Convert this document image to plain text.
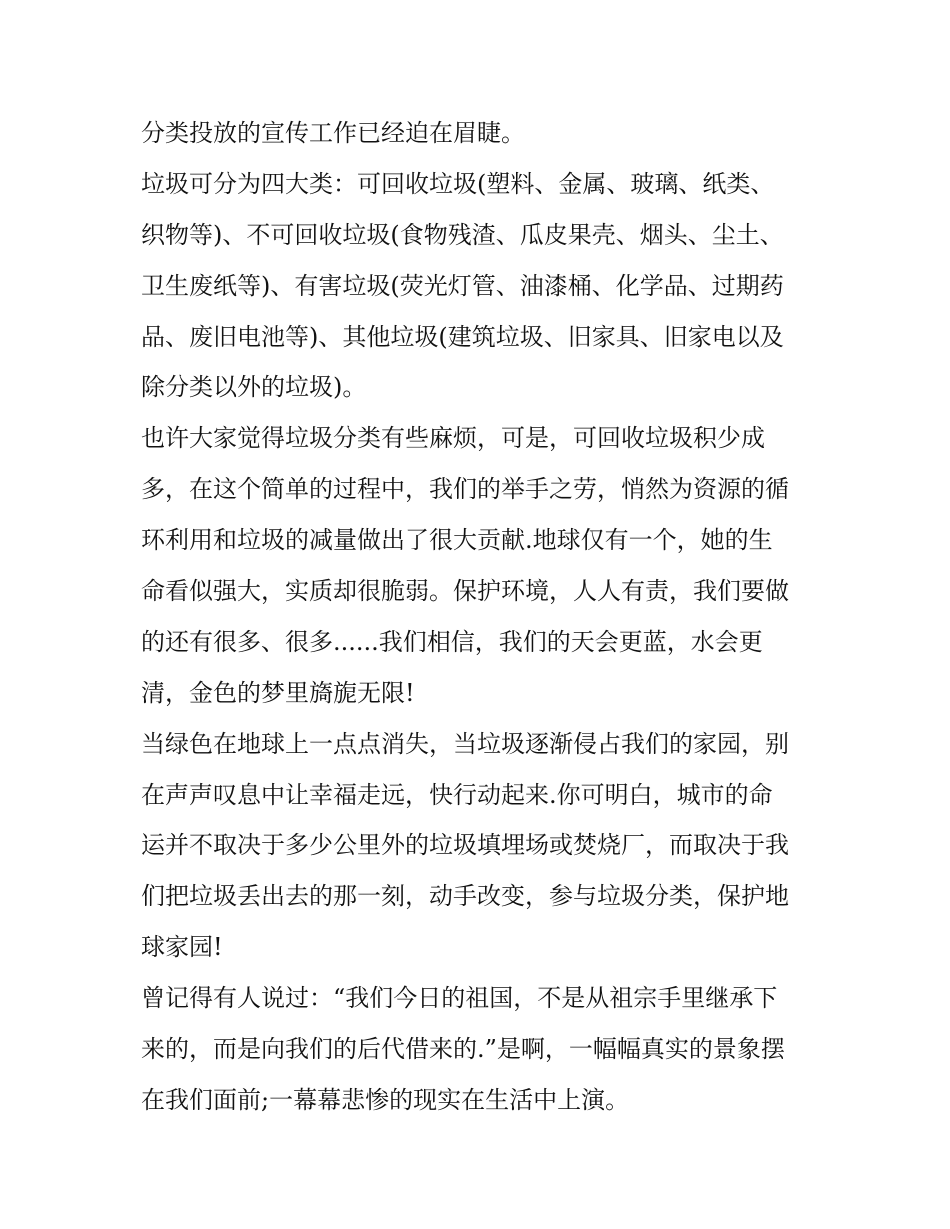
分类投放的宣传工作已经迫在眉睫。
垃圾可分为四大类：可回收垃圾(塑料、金属、玻璃、纸类、
织物等)、不可回收垃圾(食物残渣、瓜皮果壳、烟头、尘土、
卫生废纸等)、有害垃圾(荧光灯管、油漆桶、化学品、过期药
品、废旧电池等)、其他垃圾(建筑垃圾、旧家具、旧家电以及
除分类以外的垃圾)。
也许大家觉得垃圾分类有些麻烦，可是，可回收垃圾积少成
多，在这个简单的过程中，我们的举手之劳，悄然为资源的循
环利用和垃圾的减量做出了很大贡献.地球仅有一个，她的生
命看似强大，实质却很脆弱。保护环境，人人有责，我们要做
的还有很多、很多......我们相信，我们的天会更蓝，水会更
清，金色的梦里旖旎无限!
当绿色在地球上一点点消失，当垃圾逐渐侵占我们的家园，别
在声声叹息中让幸福走远，快行动起来.你可明白，城市的命
运并不取决于多少公里外的垃圾填埋场或焚烧厂，而取决于我
们把垃圾丢出去的那一刻，动手改变，参与垃圾分类，保护地
球家园!
曾记得有人说过：“我们今日的祖国，不是从祖宗手里继承下
来的，而是向我们的后代借来的.”是啊，一幅幅真实的景象摆
在我们面前;一幕幕悲惨的现实在生活中上演。
